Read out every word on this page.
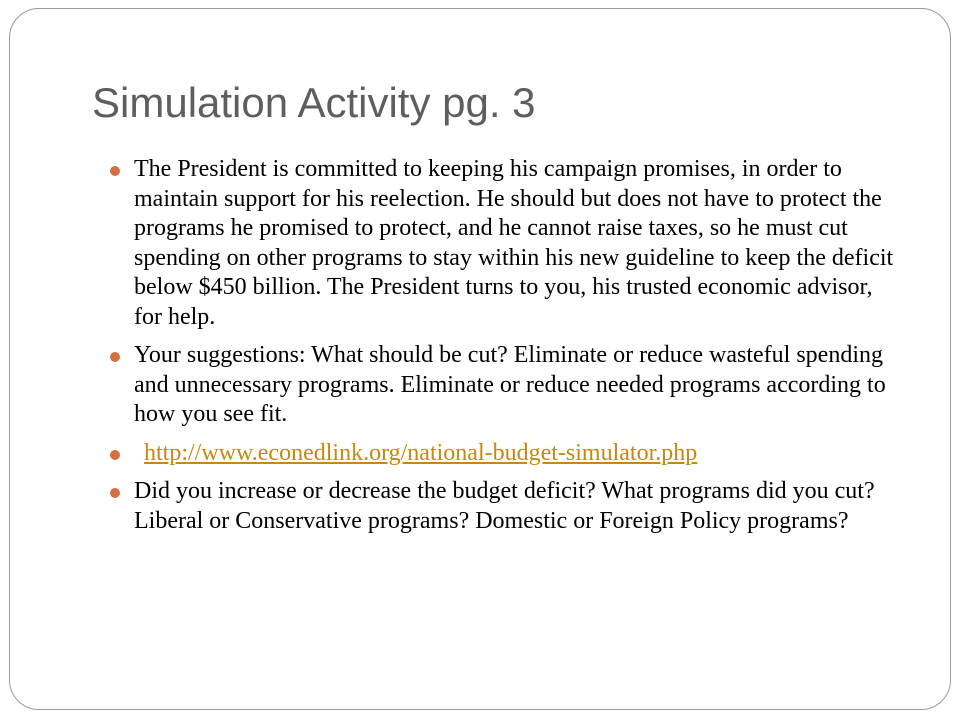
Simulation Activity pg. 3
The President is committed to keeping his campaign promises, in order to maintain support for his reelection. He should but does not have to protect the programs he promised to protect, and he cannot raise taxes, so he must cut spending on other programs to stay within his new guideline to keep the deficit below $450 billion. The President turns to you, his trusted economic advisor, for help.
Your suggestions: What should be cut? Eliminate or reduce wasteful spending and unnecessary programs. Eliminate or reduce needed programs according to how you see fit.
http://www.econedlink.org/national-budget-simulator.php
Did you increase or decrease the budget deficit? What programs did you cut? Liberal or Conservative programs? Domestic or Foreign Policy programs?
